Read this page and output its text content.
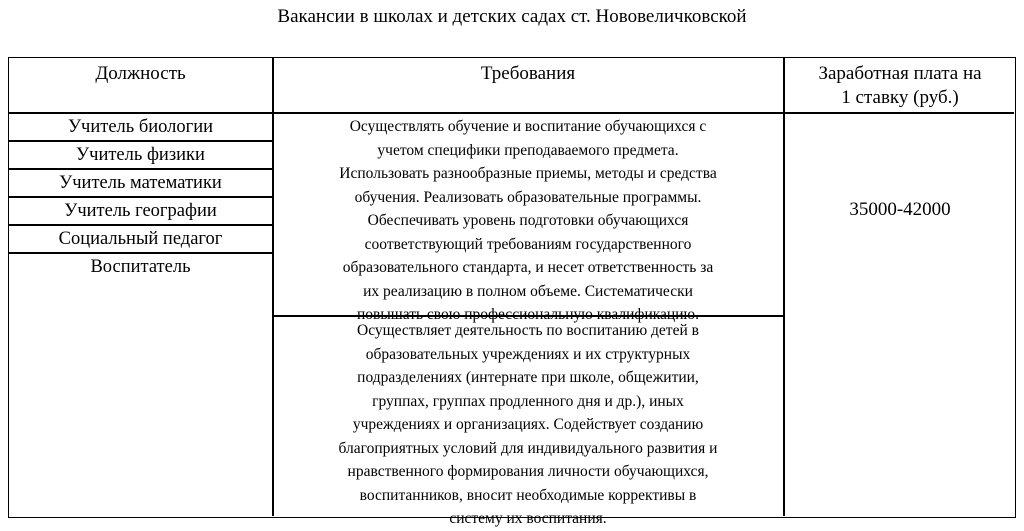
Вакансии в школах и детских садах ст. Нововеличковской
Должность	Требования	Заработная плата на
1 ставку (руб.)
Учитель биологии
Учитель физики
Учитель математики
Учитель географии
Социальный педагог
Воспитатель
Осуществлять обучение и воспитание обучающихся с
учетом специфики преподаваемого предмета.
Использовать разнообразные приемы, методы и средства
обучения. Реализовать образовательные программы.
Обеспечивать уровень подготовки обучающихся
соответствующий требованиям государственного
образовательного стандарта, и несет ответственность за
их реализацию в полном объеме. Систематически
повышать свою профессиональную квалификацию.
Осуществляет деятельность по воспитанию детей в
образовательных учреждениях и их структурных
подразделениях (интернате при школе, общежитии,
группах, группах продленного дня и др.), иных
учреждениях и организациях. Содействует созданию
благоприятных условий для индивидуального развития и
нравственного формирования личности обучающихся,
воспитанников, вносит необходимые коррективы в
систему их воспитания.
35000-42000
